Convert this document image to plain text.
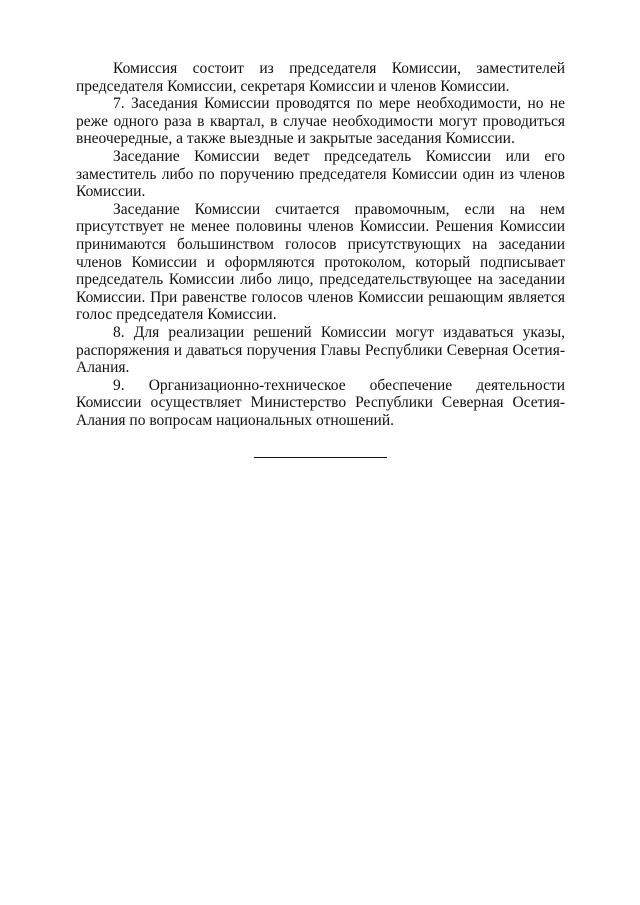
Комиссия состоит из председателя Комиссии, заместителей председателя Комиссии, секретаря Комиссии и членов Комиссии.

7. Заседания Комиссии проводятся по мере необходимости, но не реже одного раза в квартал, в случае необходимости могут проводиться внеочередные, а также выездные и закрытые заседания Комиссии.

Заседание Комиссии ведет председатель Комиссии или его заместитель либо по поручению председателя Комиссии один из членов Комиссии.

Заседание Комиссии считается правомочным, если на нем присутствует не менее половины членов Комиссии. Решения Комиссии принимаются большинством голосов присутствующих на заседании членов Комиссии и оформляются протоколом, который подписывает председатель Комиссии либо лицо, председательствующее на заседании Комиссии. При равенстве голосов членов Комиссии решающим является голос председателя Комиссии.

8. Для реализации решений Комиссии могут издаваться указы, распоряжения и даваться поручения Главы Республики Северная Осетия-Алания.

9. Организационно-техническое обеспечение деятельности Комиссии осуществляет Министерство Республики Северная Осетия-Алания по вопросам национальных отношений.
